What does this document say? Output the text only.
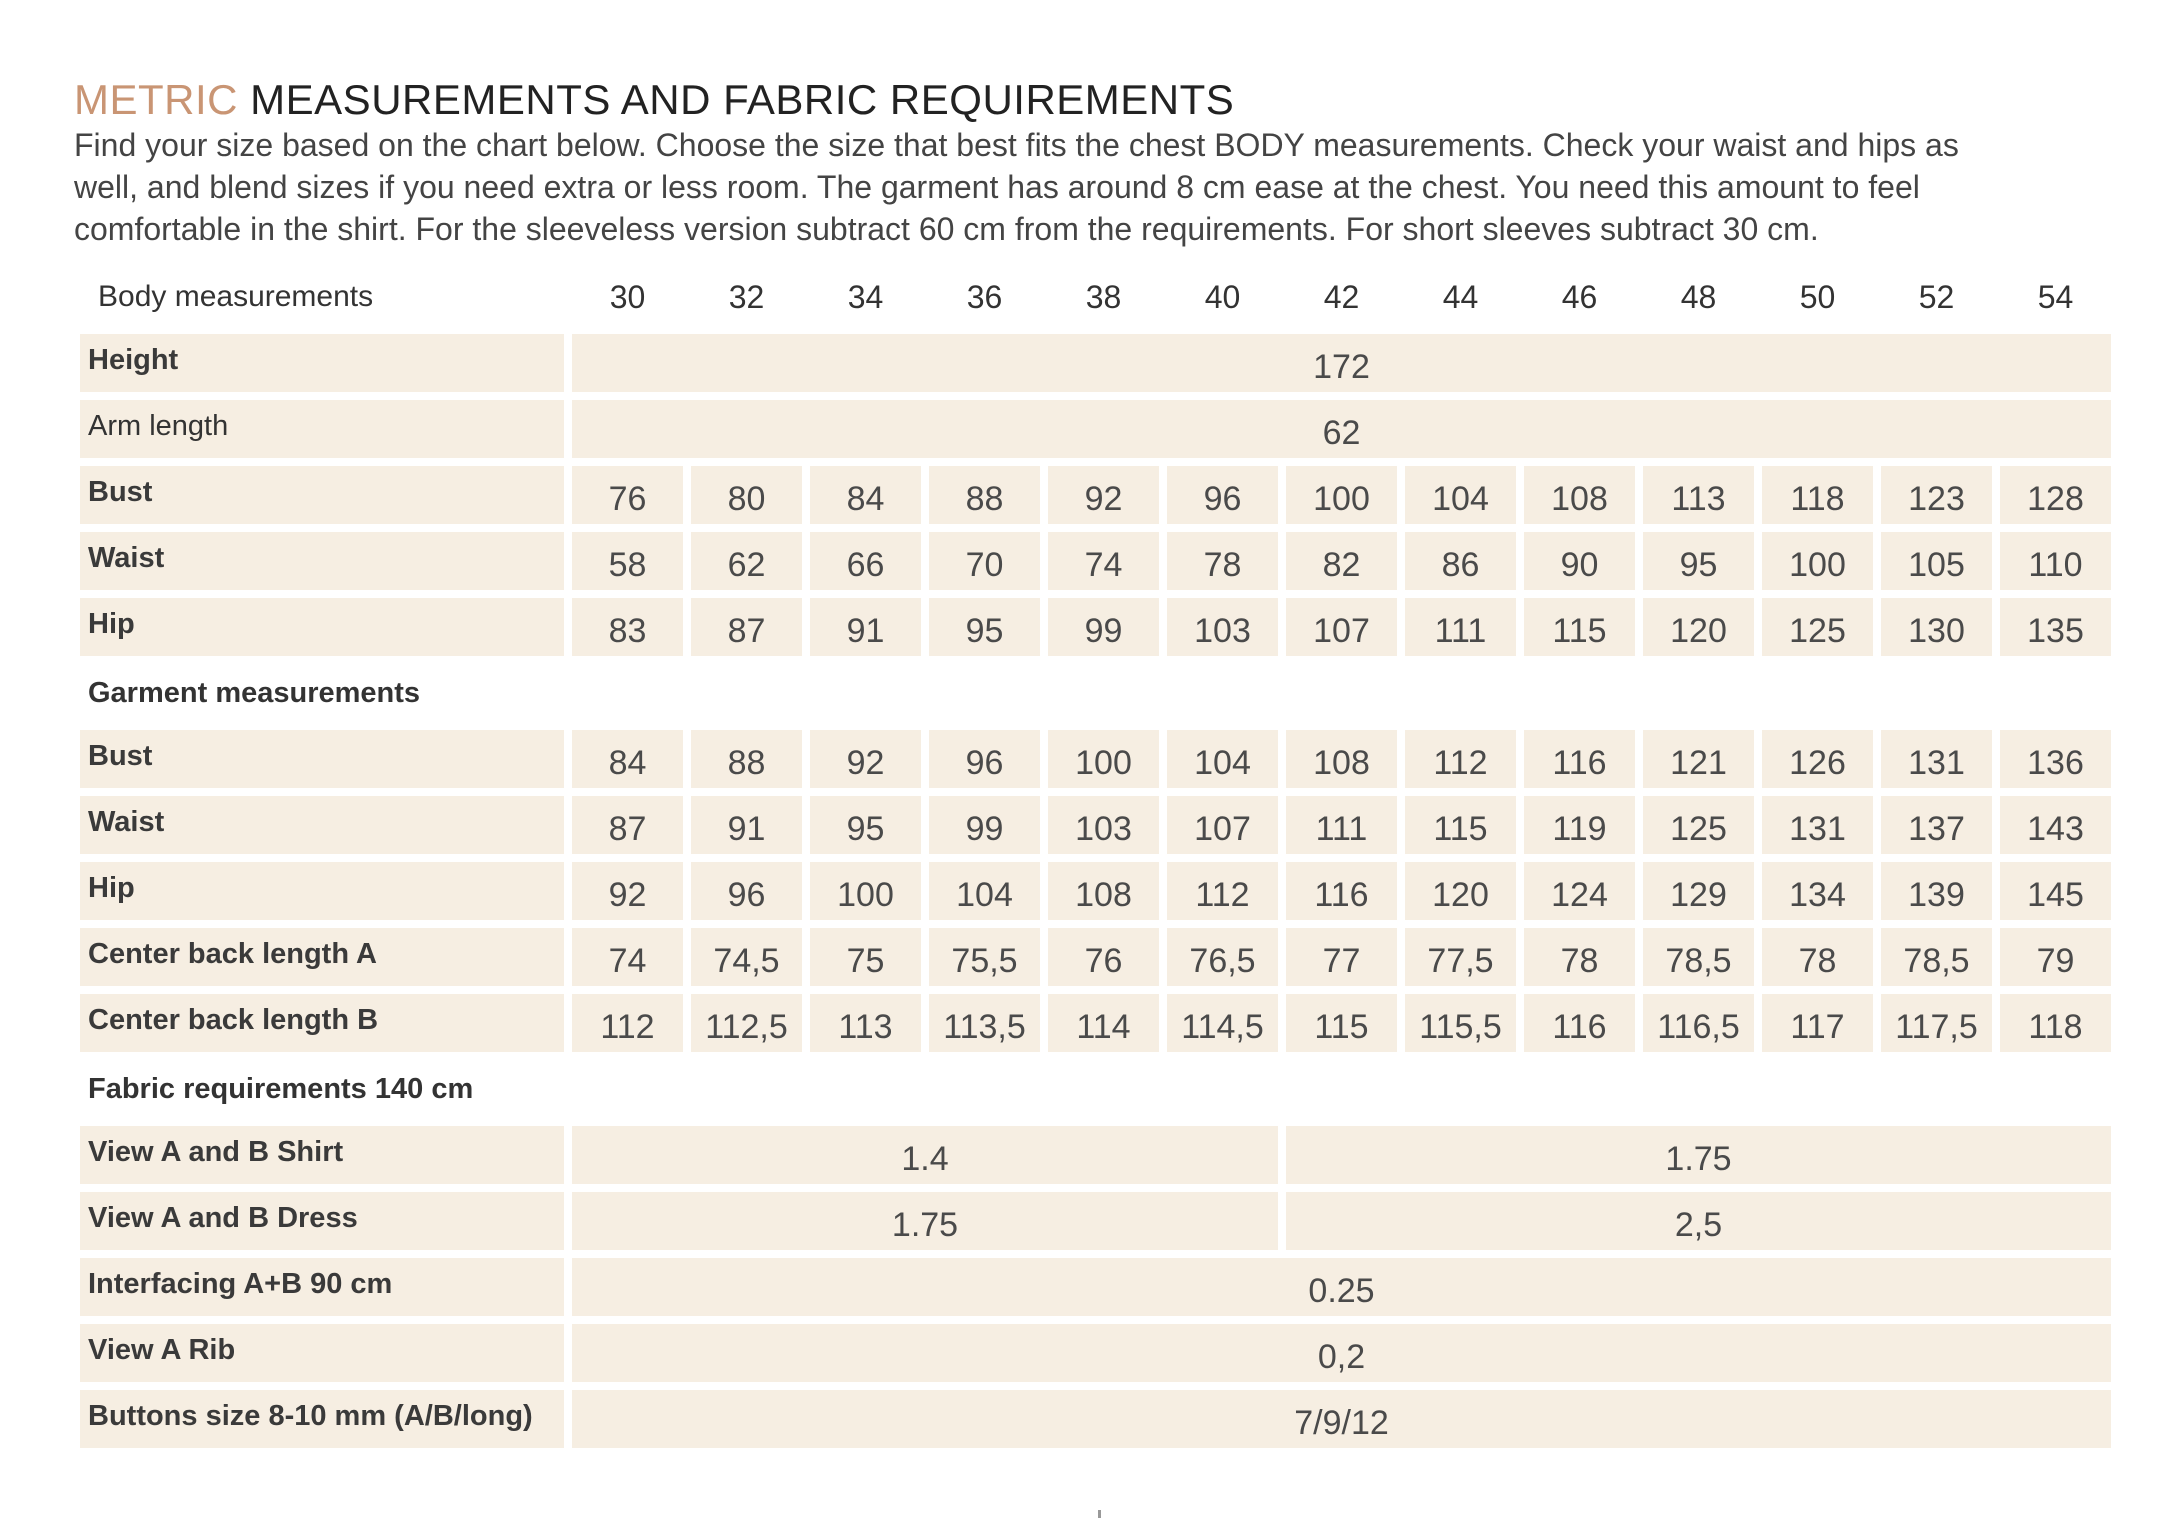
METRIC MEASUREMENTS AND FABRIC REQUIREMENTS

Find your size based on the chart below. Choose the size that best fits the chest BODY measurements. Check your waist and hips as

well, and blend sizes if you need extra or less room. The garment has around 8 cm ease at the chest. You need this amount to feel

comfortable in the shirt. For the sleeveless version subtract 60 cm from the requirements. For short sleeves subtract 30 cm.

Body measurements	30	32	34	36	38	40	42	44	46	48	50	52	54
Height	172
Arm length	62
Bust	76	80	84	88	92	96	100	104	108	113	118	123	128
Waist	58	62	66	70	74	78	82	86	90	95	100	105	110
Hip	83	87	91	95	99	103	107	111	115	120	125	130	135
Garment measurements
Bust	84	88	92	96	100	104	108	112	116	121	126	131	136
Waist	87	91	95	99	103	107	111	115	119	125	131	137	143
Hip	92	96	100	104	108	112	116	120	124	129	134	139	145
Center back length A	74	74,5	75	75,5	76	76,5	77	77,5	78	78,5	78	78,5	79
Center back length B	112	112,5	113	113,5	114	114,5	115	115,5	116	116,5	117	117,5	118
Fabric requirements 140 cm
View A and B Shirt	1.4	1.75
View A and B Dress	1.75	2,5
Interfacing A+B 90 cm	0.25
View A Rib	0,2
Buttons size 8-10 mm (A/B/long)	7/9/12
